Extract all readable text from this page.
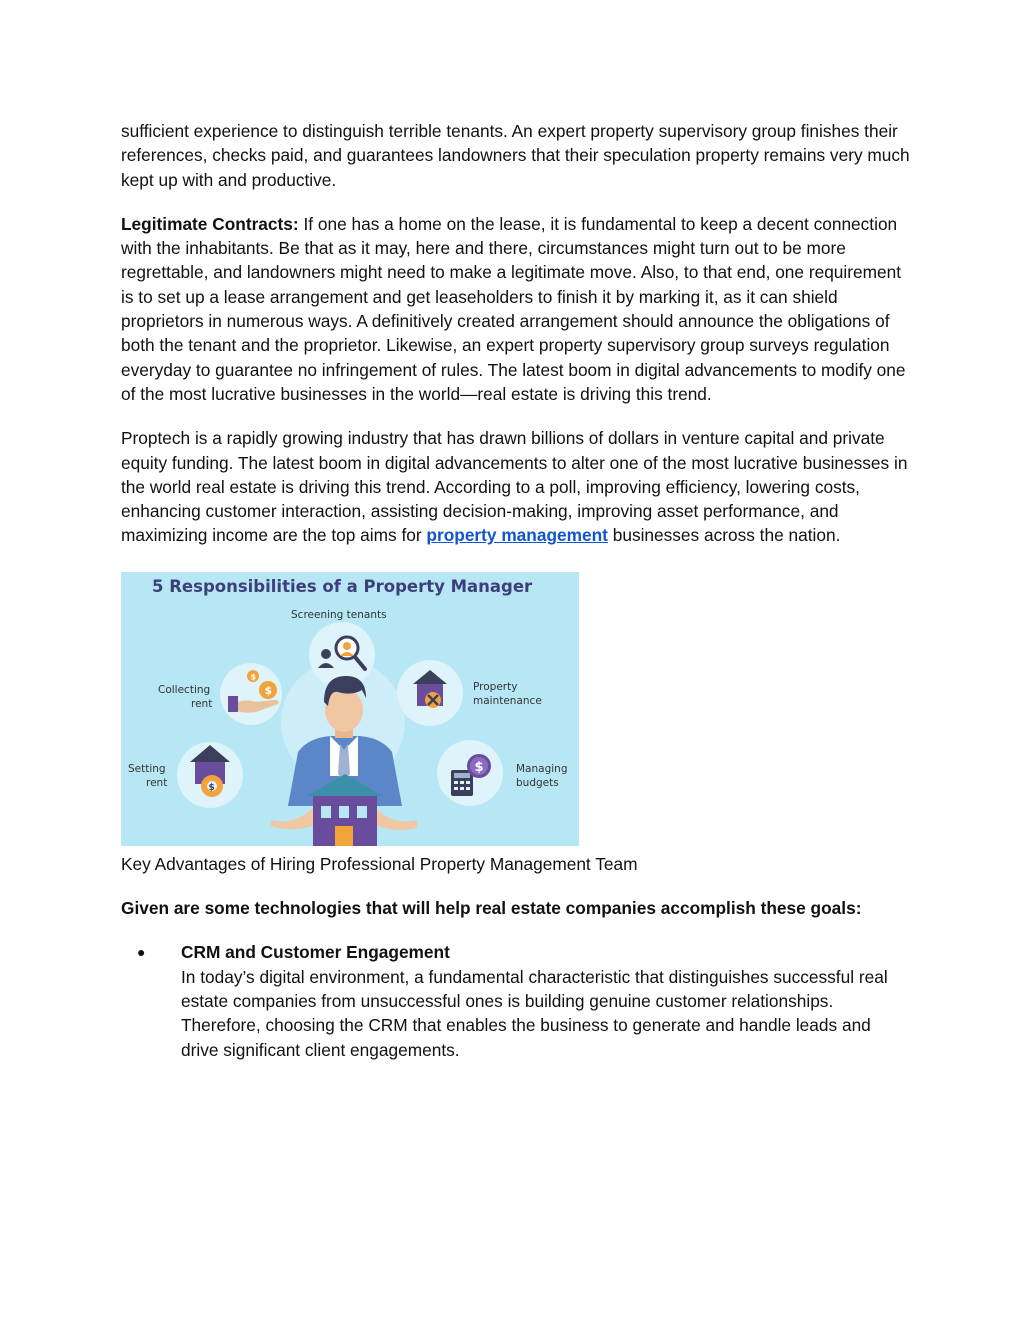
sufficient experience to distinguish terrible tenants. An expert property supervisory group finishes their references, checks paid, and guarantees landowners that their speculation property remains very much kept up with and productive.

Legitimate Contracts: If one has a home on the lease, it is fundamental to keep a decent connection with the inhabitants. Be that as it may, here and there, circumstances might turn out to be more regrettable, and landowners might need to make a legitimate move. Also, to that end, one requirement is to set up a lease arrangement and get leaseholders to finish it by marking it, as it can shield proprietors in numerous ways. A definitively created arrangement should announce the obligations of both the tenant and the proprietor. Likewise, an expert property supervisory group surveys regulation everyday to guarantee no infringement of rules. The latest boom in digital advancements to modify one of the most lucrative businesses in the world—real estate is driving this trend.

Proptech is a rapidly growing industry that has drawn billions of dollars in venture capital and private equity funding. The latest boom in digital advancements to alter one of the most lucrative businesses in the world real estate is driving this trend. According to a poll, improving efficiency, lowering costs, enhancing customer interaction, assisting decision-making, improving asset performance, and maximizing income are the top aims for property management businesses across the nation.

5 Responsibilities of a Property Manager
Screening tenants
Collecting
rent
$
$	Property
maintenance
Setting
rent	$
Managing
budgets
$

Key Advantages of Hiring Professional Property Management Team

Given are some technologies that will help real estate companies accomplish these goals:

● CRM and Customer Engagement
In today’s digital environment, a fundamental characteristic that distinguishes successful real estate companies from unsuccessful ones is building genuine customer relationships. Therefore, choosing the CRM that enables the business to generate and handle leads and drive significant client engagements.
